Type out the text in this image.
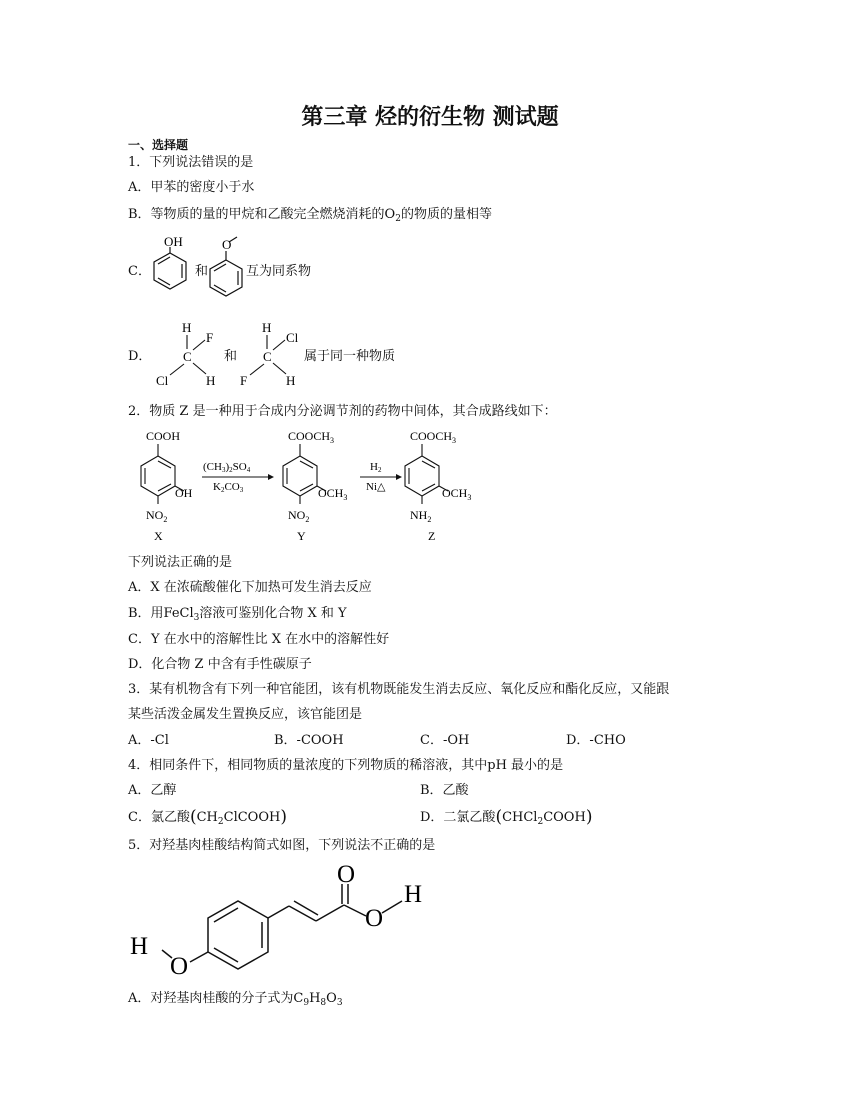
第三章 烃的衍生物 测试题
一、选择题
1．下列说法错误的是
A．甲苯的密度小于水
B．等物质的量的甲烷和乙酸完全燃烧消耗的$O_2$的物质的量相等
C．
OH	O
和	互为同系物
D．
H
F
C
Cl	H
H
Cl
C
F	H
和	属于同一种物质
2．物质 Z 是一种用于合成内分泌调节剂的药物中间体，其合成路线如下：
COOH
OH
$NO_2$
X
(CH3)2SO4
K2CO3
$COOCH_3$
$OCH_3$
$NO_2$
Y
H2
Ni△
$COOCH_3$
$OCH_3$
$NH_2$
Z
下列说法正确的是
A．X 在浓硫酸催化下加热可发生消去反应
B．用FeCl$_3$溶液可鉴别化合物 X 和 Y
C．Y 在水中的溶解性比 X 在水中的溶解性好
D．化合物 Z 中含有手性碳原子
3．某有机物含有下列一种官能团，该有机物既能发生消去反应、氧化反应和酯化反应，又能跟
某些活泼金属发生置换反应，该官能团是
A．-Cl	B．-COOH	C．-OH	D．-CHO
4．相同条件下，相同物质的量浓度的下列物质的稀溶液，其中pH 最小的是
A．乙醇	B．乙酸
C．氯乙酸$(CH_2ClCOOH)$	D．二氯乙酸(CHCl$_2$COOH)
5．对羟基肉桂酸结构简式如图，下列说法不正确的是
O
O
H
H
O
A．对羟基肉桂酸的分子式为$C_9H_8O_3$
